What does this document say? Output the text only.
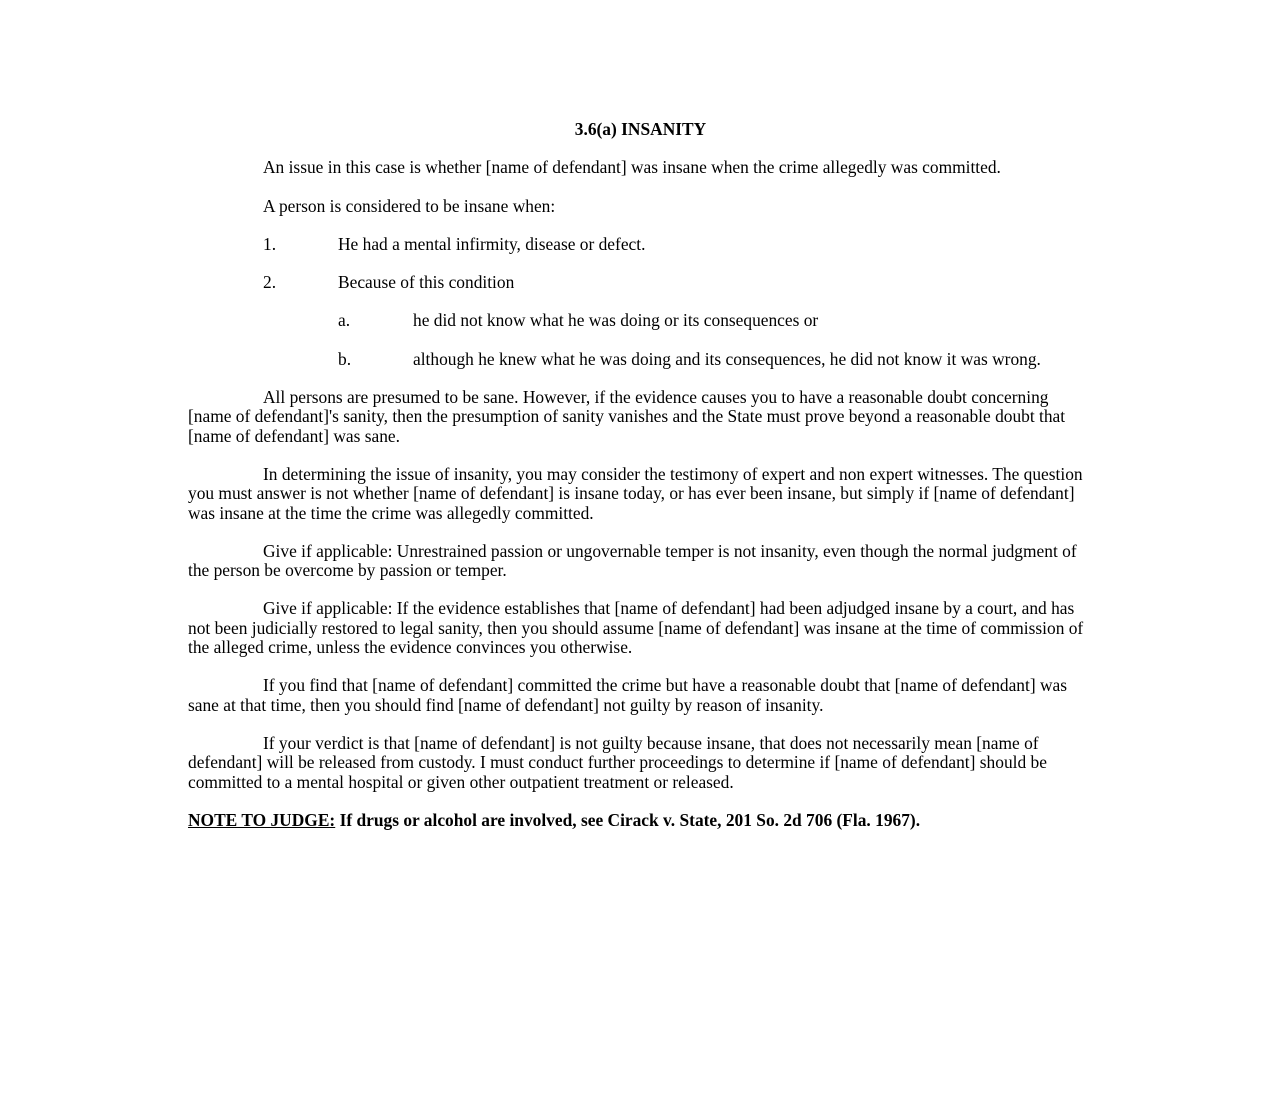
3.6(a) INSANITY

An issue in this case is whether [name of defendant] was insane when the crime allegedly was committed.

A person is considered to be insane when:

1.	He had a mental infirmity, disease or defect.
2.	Because of this condition
a.	he did not know what he was doing or its consequences or
b.	although he knew what he was doing and its consequences, he did not know it was wrong.

All persons are presumed to be sane. However, if the evidence causes you to have a reasonable doubt concerning [name of defendant]'s sanity, then the presumption of sanity vanishes and the State must prove beyond a reasonable doubt that [name of defendant] was sane.

In determining the issue of insanity, you may consider the testimony of expert and non expert witnesses. The question you must answer is not whether [name of defendant] is insane today, or has ever been insane, but simply if [name of defendant] was insane at the time the crime was allegedly committed.

Give if applicable: Unrestrained passion or ungovernable temper is not insanity, even though the normal judgment of the person be overcome by passion or temper.

Give if applicable: If the evidence establishes that [name of defendant] had been adjudged insane by a court, and has not been judicially restored to legal sanity, then you should assume [name of defendant] was insane at the time of commission of the alleged crime, unless the evidence convinces you otherwise.

If you find that [name of defendant] committed the crime but have a reasonable doubt that [name of defendant] was sane at that time, then you should find [name of defendant] not guilty by reason of insanity.

If your verdict is that [name of defendant] is not guilty because insane, that does not necessarily mean [name of defendant] will be released from custody. I must conduct further proceedings to determine if [name of defendant] should be committed to a mental hospital or given other outpatient treatment or released.

NOTE TO JUDGE: If drugs or alcohol are involved, see Cirack v. State, 201 So. 2d 706 (Fla. 1967).
